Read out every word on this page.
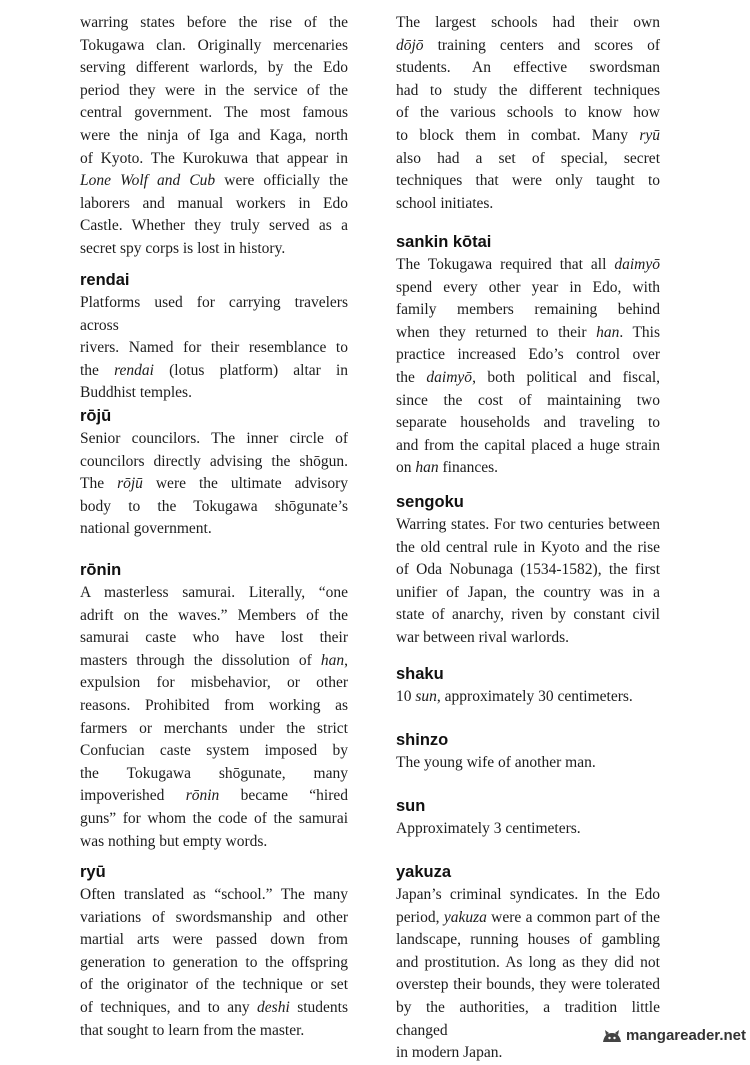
warring states before the rise of the
Tokugawa clan. Originally mercenaries
serving different warlords, by the Edo
period they were in the service of the
central government. The most famous
were the ninja of Iga and Kaga, north
of Kyoto. The Kurokuwa that appear in
Lone Wolf and Cub were officially the
laborers and manual workers in Edo
Castle. Whether they truly served as a
secret spy corps is lost in history.
rendai
Platforms used for carrying travelers across
rivers. Named for their resemblance to
the rendai (lotus platform) altar in
Buddhist temples.
rōjū
Senior councilors. The inner circle of
councilors directly advising the shōgun.
The rōjū were the ultimate advisory
body to the Tokugawa shōgunate’s
national government.
rōnin
A masterless samurai. Literally, “one
adrift on the waves.” Members of the
samurai caste who have lost their
masters through the dissolution of han,
expulsion for misbehavior, or other
reasons. Prohibited from working as
farmers or merchants under the strict
Confucian caste system imposed by
the Tokugawa shōgunate, many
impoverished rōnin became “hired
guns” for whom the code of the samurai
was nothing but empty words.
ryū
Often translated as “school.” The many
variations of swordsmanship and other
martial arts were passed down from
generation to generation to the offspring
of the originator of the technique or set
of techniques, and to any deshi students
that sought to learn from the master.
The largest schools had their own
dōjō training centers and scores of
students. An effective swordsman
had to study the different techniques
of the various schools to know how
to block them in combat. Many ryū
also had a set of special, secret
techniques that were only taught to
school initiates.
sankin kōtai
The Tokugawa required that all daimyō
spend every other year in Edo, with
family members remaining behind
when they returned to their han. This
practice increased Edo’s control over
the daimyō, both political and fiscal,
since the cost of maintaining two
separate households and traveling to
and from the capital placed a huge strain
on han finances.
sengoku
Warring states. For two centuries between
the old central rule in Kyoto and the rise
of Oda Nobunaga (1534-1582), the first
unifier of Japan, the country was in a
state of anarchy, riven by constant civil
war between rival warlords.
shaku
10 sun, approximately 30 centimeters.
shinzo
The young wife of another man.
sun
Approximately 3 centimeters.
yakuza
Japan’s criminal syndicates. In the Edo
period, yakuza were a common part of the
landscape, running houses of gambling
and prostitution. As long as they did not
overstep their bounds, they were tolerated
by the authorities, a tradition little changed
in modern Japan.
mangareader.net
